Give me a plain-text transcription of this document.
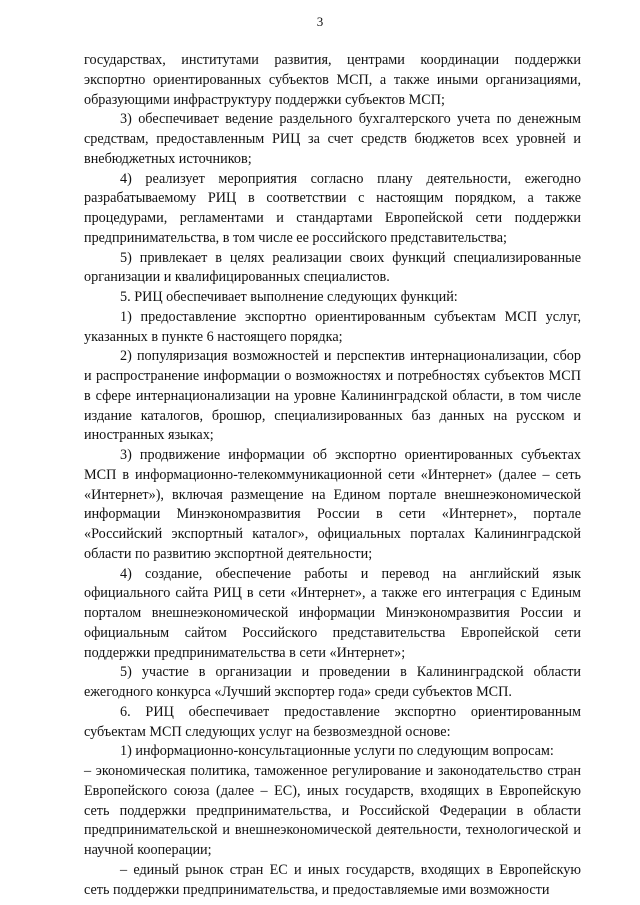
3

государствах, институтами развития, центрами координации поддержки экспортно ориентированных субъектов МСП, а также иными организациями, образующими инфраструктуру поддержки субъектов МСП;

3) обеспечивает ведение раздельного бухгалтерского учета по денежным средствам, предоставленным РИЦ за счет средств бюджетов всех уровней и внебюджетных источников;

4) реализует мероприятия согласно плану деятельности, ежегодно разрабатываемому РИЦ в соответствии с настоящим порядком, а также процедурами, регламентами и стандартами Европейской сети поддержки предпринимательства, в том числе ее российского представительства;

5) привлекает в целях реализации своих функций специализированные организации и квалифицированных специалистов.

5. РИЦ обеспечивает выполнение следующих функций:

1) предоставление экспортно ориентированным субъектам МСП услуг, указанных в пункте 6 настоящего порядка;

2) популяризация возможностей и перспектив интернационализации, сбор и распространение информации о возможностях и потребностях субъектов МСП в сфере интернационализации на уровне Калининградской области, в том числе издание каталогов, брошюр, специализированных баз данных на русском и иностранных языках;

3) продвижение информации об экспортно ориентированных субъектах МСП в информационно-телекоммуникационной сети «Интернет» (далее – сеть «Интернет»), включая размещение на Едином портале внешнеэкономической информации Минэкономразвития России в сети «Интернет», портале «Российский экспортный каталог», официальных порталах Калининградской области по развитию экспортной деятельности;

4) создание, обеспечение работы и перевод на английский язык официального сайта РИЦ в сети «Интернет», а также его интеграция с Единым порталом внешнеэкономической информации Минэкономразвития России и официальным сайтом Российского представительства Европейской сети поддержки предпринимательства в сети «Интернет»;

5) участие в организации и проведении в Калининградской области ежегодного конкурса «Лучший экспортер года» среди субъектов МСП.

6. РИЦ обеспечивает предоставление экспортно ориентированным субъектам МСП следующих услуг на безвозмездной основе:

1) информационно-консультационные услуги по следующим вопросам:

– экономическая политика, таможенное регулирование и законодательство стран Европейского союза (далее – ЕС), иных государств, входящих в Европейскую сеть поддержки предпринимательства, и Российской Федерации в области предпринимательской и внешнеэкономической деятельности, технологической и научной кооперации;

– единый рынок стран ЕС и иных государств, входящих в Европейскую сеть поддержки предпринимательства, и предоставляемые ими возможности
